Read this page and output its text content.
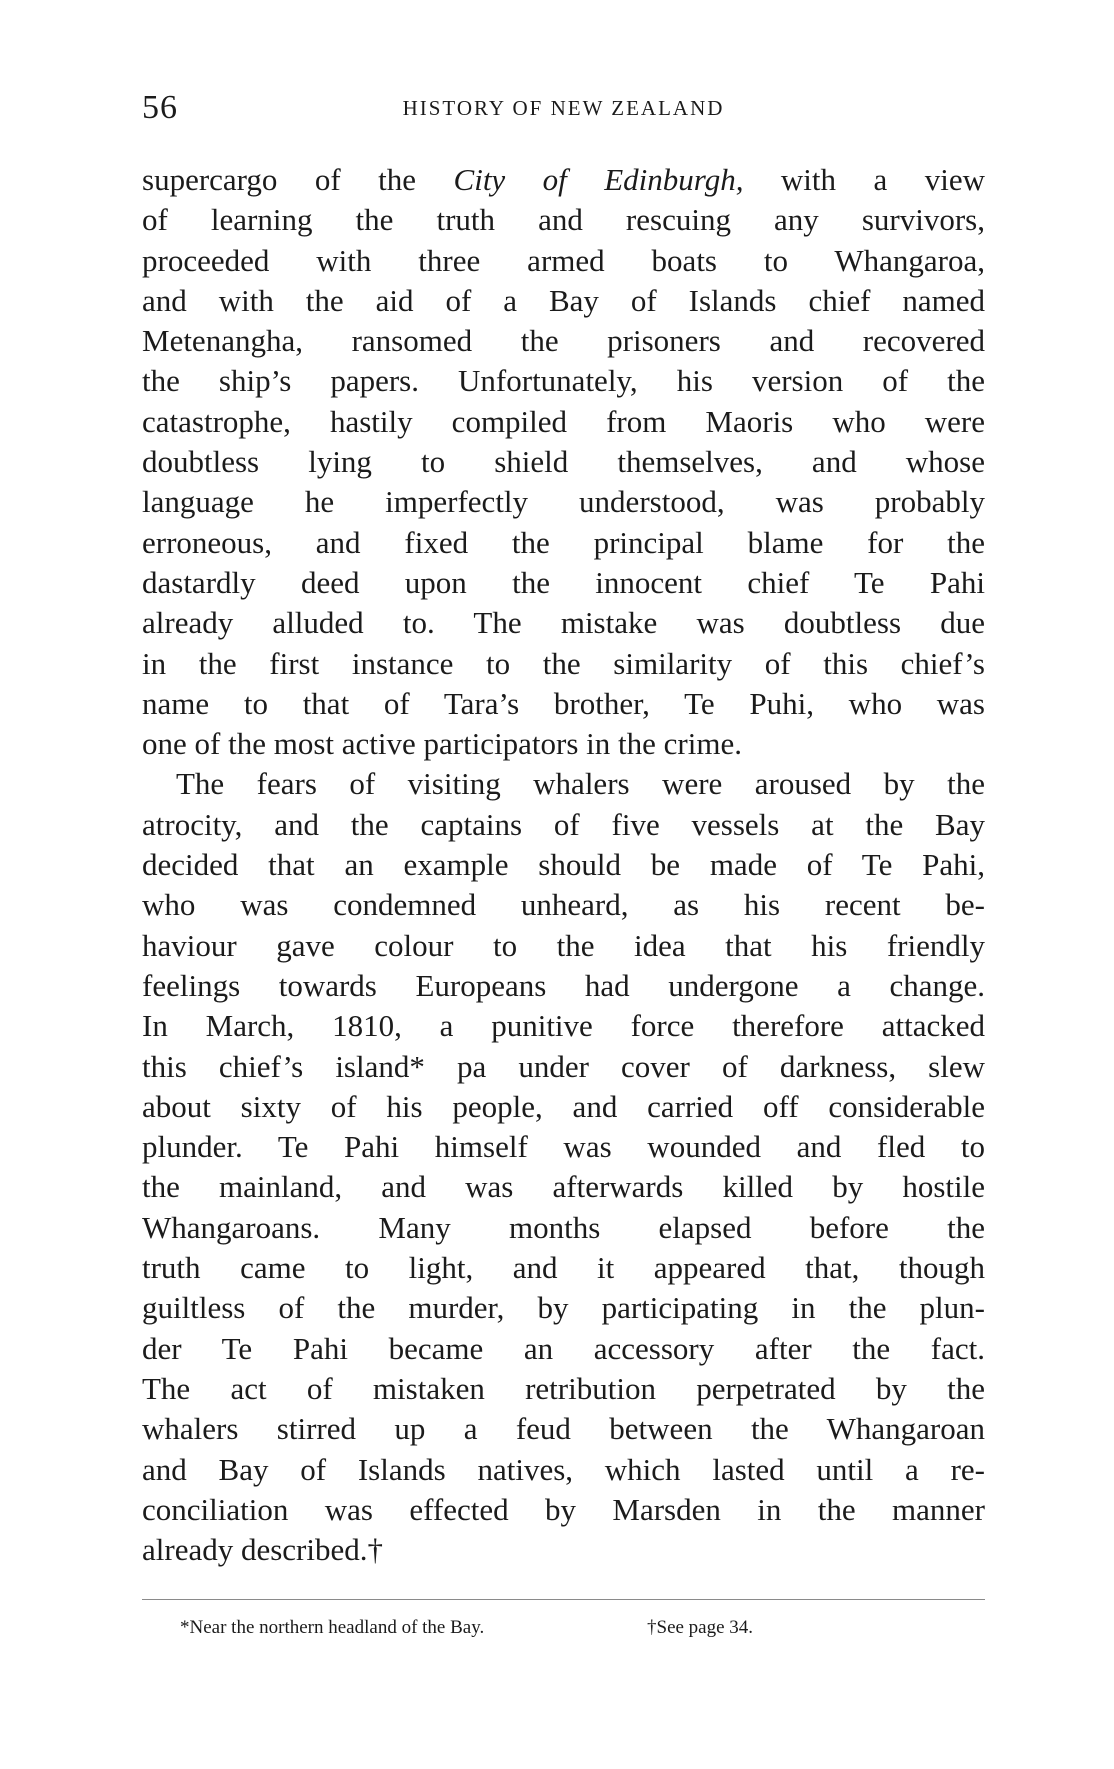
56	HISTORY OF NEW ZEALAND
supercargo of the City of Edinburgh, with a view
of learning the truth and rescuing any survivors,
proceeded with three armed boats to Whangaroa,
and with the aid of a Bay of Islands chief named
Metenangha, ransomed the prisoners and recovered
the ship’s papers. Unfortunately, his version of the
catastrophe, hastily compiled from Maoris who were
doubtless lying to shield themselves, and whose
language he imperfectly understood, was probably
erroneous, and fixed the principal blame for the
dastardly deed upon the innocent chief Te Pahi
already alluded to. The mistake was doubtless due
in the first instance to the similarity of this chief’s
name to that of Tara’s brother, Te Puhi, who was
one of the most active participators in the crime.
The fears of visiting whalers were aroused by the
atrocity, and the captains of five vessels at the Bay
decided that an example should be made of Te Pahi,
who was condemned unheard, as his recent be-
haviour gave colour to the idea that his friendly
feelings towards Europeans had undergone a change.
In March, 1810, a punitive force therefore attacked
this chief’s island* pa under cover of darkness, slew
about sixty of his people, and carried off considerable
plunder. Te Pahi himself was wounded and fled to
the mainland, and was afterwards killed by hostile
Whangaroans. Many months elapsed before the
truth came to light, and it appeared that, though
guiltless of the murder, by participating in the plun-
der Te Pahi became an accessory after the fact.
The act of mistaken retribution perpetrated by the
whalers stirred up a feud between the Whangaroan
and Bay of Islands natives, which lasted until a re-
conciliation was effected by Marsden in the manner
already described.†
*Near the northern headland of the Bay.	†See page 34.
